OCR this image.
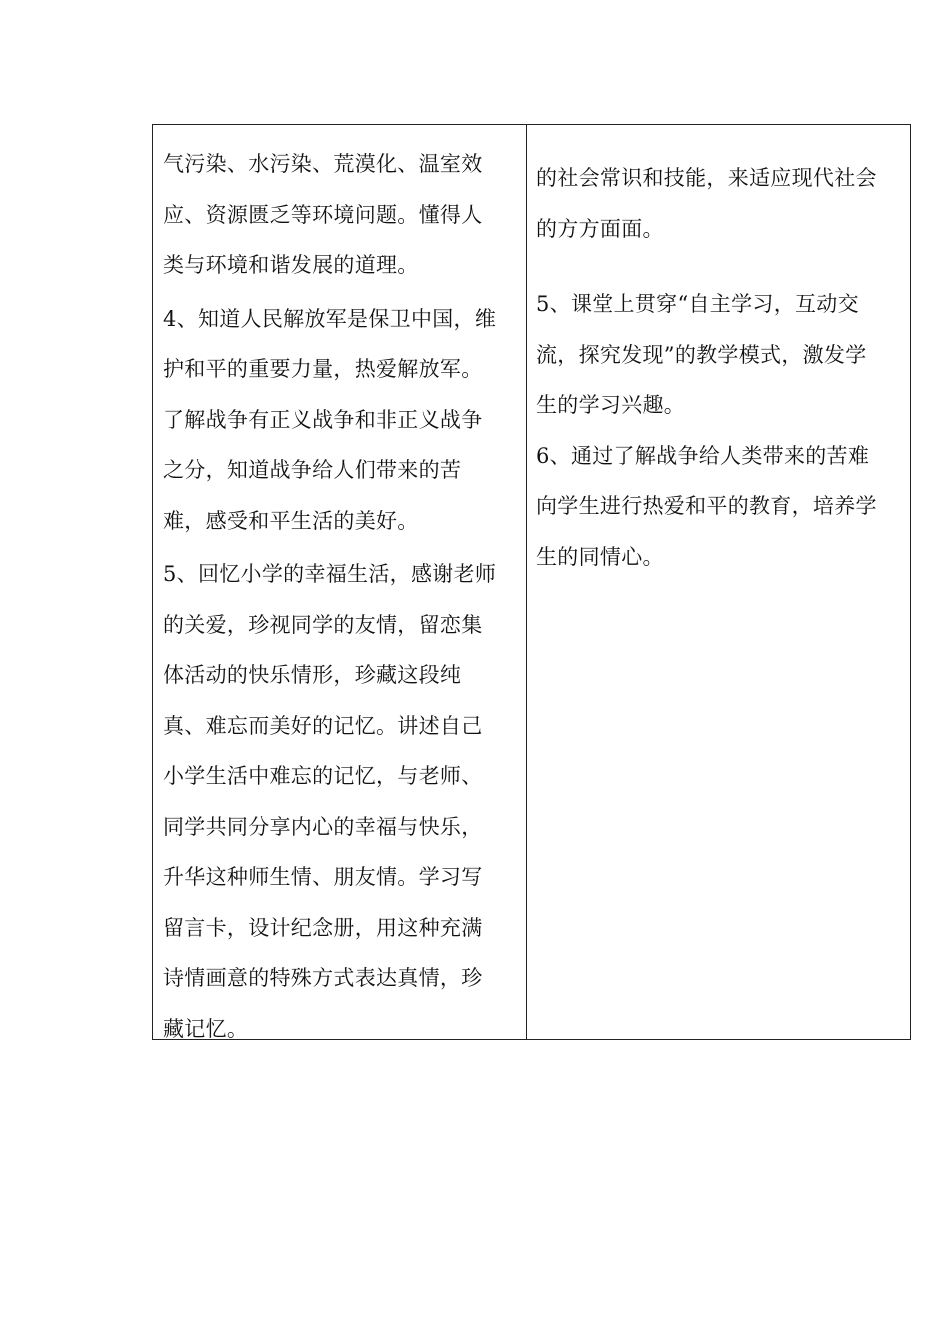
气污染、水污染、荒漠化、温室效
应、资源匮乏等环境问题。懂得人
类与环境和谐发展的道理。

4、知道人民解放军是保卫中国，维
护和平的重要力量，热爱解放军。
了解战争有正义战争和非正义战争
之分，知道战争给人们带来的苦
难，感受和平生活的美好。

5、回忆小学的幸福生活，感谢老师
的关爱，珍视同学的友情，留恋集
体活动的快乐情形，珍藏这段纯
真、难忘而美好的记忆。讲述自己
小学生活中难忘的记忆，与老师、
同学共同分享内心的幸福与快乐，
升华这种师生情、朋友情。学习写
留言卡，设计纪念册，用这种充满
诗情画意的特殊方式表达真情，珍
藏记忆。

的社会常识和技能，来适应现代社会
的方方面面。

5、课堂上贯穿“自主学习，互动交
流，探究发现”的教学模式，激发学
生的学习兴趣。

6、通过了解战争给人类带来的苦难
向学生进行热爱和平的教育，培养学
生的同情心。
